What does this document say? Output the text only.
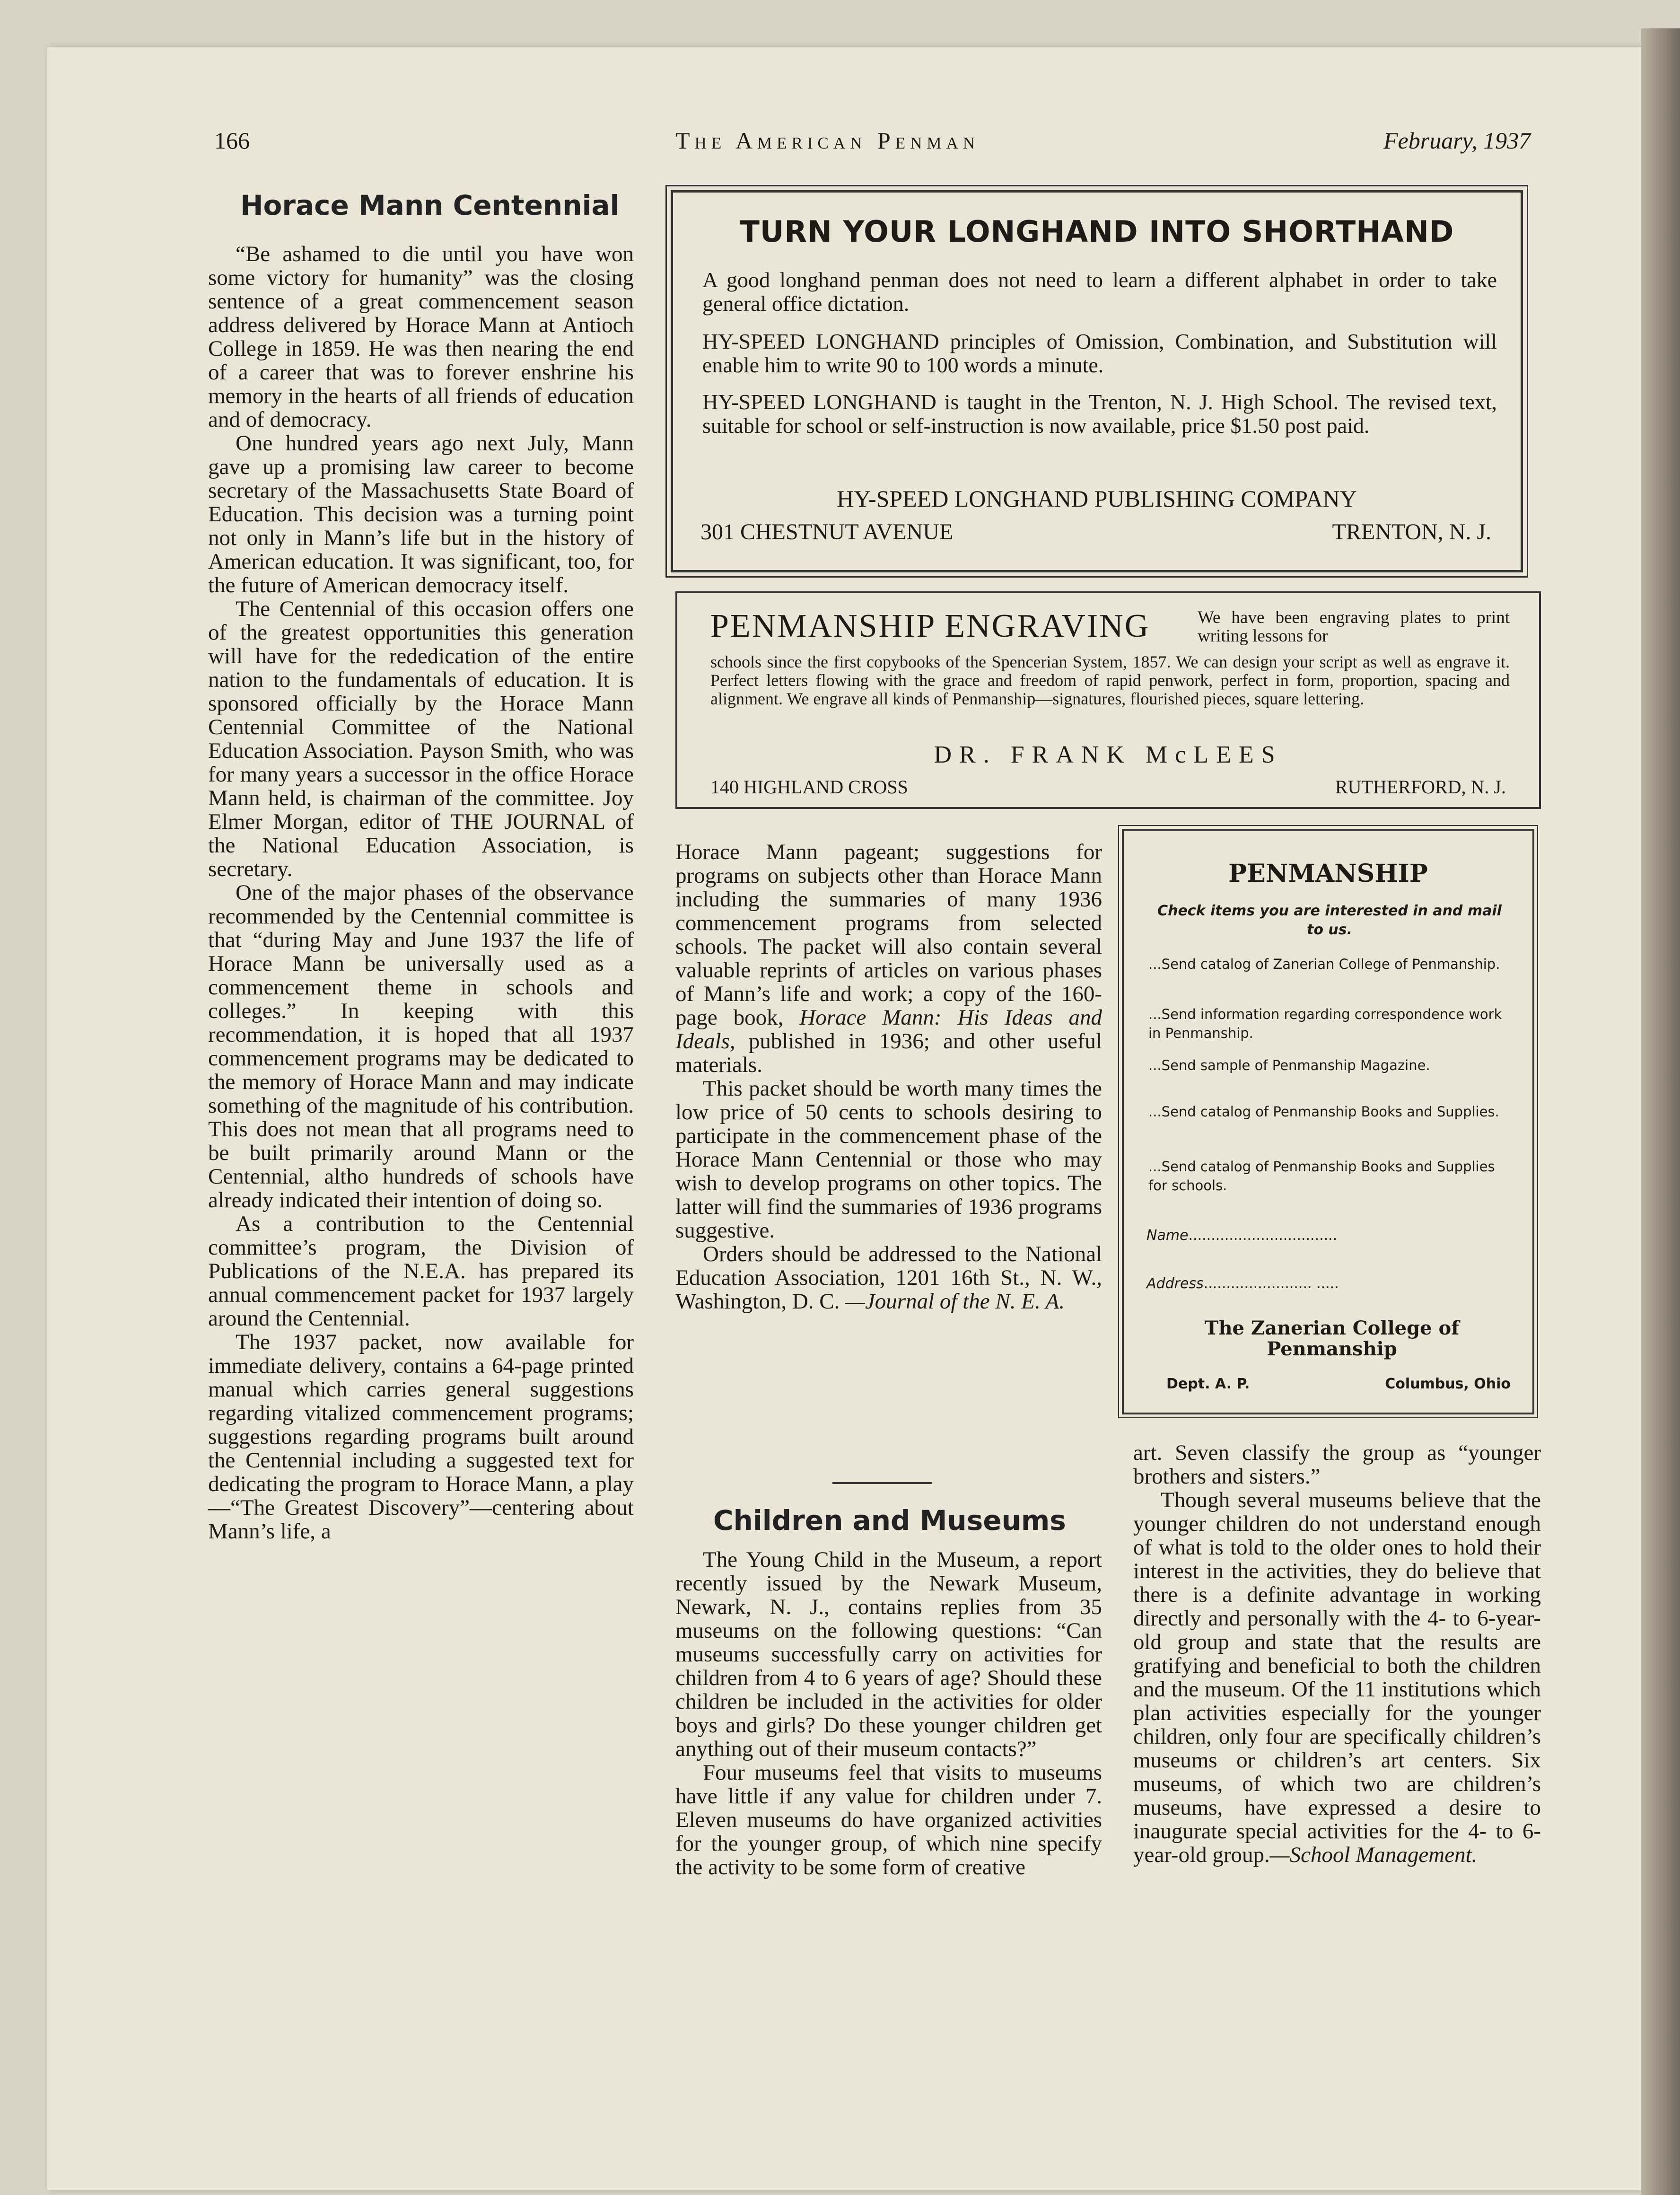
166	The American Penman	February, 1937
Horace Mann Centennial

“Be ashamed to die until you have won some victory for humanity” was the closing sentence of a great commencement season address delivered by Horace Mann at Antioch College in 1859. He was then nearing the end of a career that was to forever enshrine his memory in the hearts of all friends of education and of democracy.

One hundred years ago next July, Mann gave up a promising law career to become secretary of the Massachusetts State Board of Education. This decision was a turning point not only in Mann’s life but in the history of American education. It was significant, too, for the future of American democracy itself.

The Centennial of this occasion offers one of the greatest opportunities this generation will have for the rededication of the entire nation to the fundamentals of education. It is sponsored officially by the Horace Mann Centennial Committee of the National Education Association. Payson Smith, who was for many years a successor in the office Horace Mann held, is chairman of the committee. Joy Elmer Morgan, editor of THE JOURNAL of the National Education Association, is secretary.

One of the major phases of the observance recommended by the Centennial committee is that “during May and June 1937 the life of Horace Mann be universally used as a commencement theme in schools and colleges.” In keeping with this recommendation, it is hoped that all 1937 commencement programs may be dedicated to the memory of Horace Mann and may indicate something of the magnitude of his contribution. This does not mean that all programs need to be built primarily around Mann or the Centennial, altho hundreds of schools have already indicated their intention of doing so.

As a contribution to the Centennial committee’s program, the Division of Publications of the N.E.A. has prepared its annual commencement packet for 1937 largely around the Centennial.

The 1937 packet, now available for immediate delivery, contains a 64-page printed manual which carries general suggestions regarding vitalized commencement programs; suggestions regarding programs built around the Centennial including a suggested text for dedicating the program to Horace Mann, a play—“The Greatest Discovery”—centering about Mann’s life, a

TURN YOUR LONGHAND INTO SHORTHAND

A good longhand penman does not need to learn a different alphabet in order to take general office dictation.

HY-SPEED LONGHAND principles of Omission, Combination, and Substitution will enable him to write 90 to 100 words a minute.

HY-SPEED LONGHAND is taught in the Trenton, N. J. High School. The revised text, suitable for school or self-instruction is now available, price $1.50 post paid.

HY-SPEED LONGHAND PUBLISHING COMPANY
301 CHESTNUT AVENUE	TRENTON, N. J.
PENMANSHIP ENGRAVING	We have been engraving plates to print writing lessons for

schools since the first copybooks of the Spencerian System, 1857. We can design your script as well as engrave it. Perfect letters flowing with the grace and freedom of rapid penwork, perfect in form, proportion, spacing and alignment. We engrave all kinds of Penmanship—signatures, flourished pieces, square lettering.

DR. FRANK McLEES
140 HIGHLAND CROSS	RUTHERFORD, N. J.

Horace Mann pageant; suggestions for programs on subjects other than Horace Mann including the summaries of many 1936 commencement programs from selected schools. The packet will also contain several valuable reprints of articles on various phases of Mann’s life and work; a copy of the 160-page book, Horace Mann: His Ideas and Ideals, published in 1936; and other useful materials.

This packet should be worth many times the low price of 50 cents to schools desiring to participate in the commencement phase of the Horace Mann Centennial or those who may wish to develop programs on other topics. The latter will find the summaries of 1936 programs suggestive.

Orders should be addressed to the National Education Association, 1201 16th St., N. W., Washington, D. C. —Journal of the N. E. A.

Children and Museums

The Young Child in the Museum, a report recently issued by the Newark Museum, Newark, N. J., contains replies from 35 museums on the following questions: “Can museums successfully carry on activities for children from 4 to 6 years of age? Should these children be included in the activities for older boys and girls? Do these younger children get anything out of their museum contacts?”

Four museums feel that visits to museums have little if any value for children under 7. Eleven museums do have organized activities for the younger group, of which nine specify the activity to be some form of creative

PENMANSHIP
Check items you are interested in and mail to us.

...Send catalog of Zanerian College of Penmanship.

...Send information regarding correspondence work in Penmanship.

...Send sample of Penmanship Magazine.

...Send catalog of Penmanship Books and Supplies.

...Send catalog of Penmanship Books and Supplies for schools.

Name.................................
Address........................ .....
The Zanerian College of Penmanship
Dept. A. P.	Columbus, Ohio

art. Seven classify the group as “younger brothers and sisters.”

Though several museums believe that the younger children do not understand enough of what is told to the older ones to hold their interest in the activities, they do believe that there is a definite advantage in working directly and personally with the 4- to 6-year-old group and state that the results are gratifying and beneficial to both the children and the museum. Of the 11 institutions which plan activities especially for the younger children, only four are specifically children’s museums or children’s art centers. Six museums, of which two are children’s museums, have expressed a desire to inaugurate special activities for the 4- to 6-year-old group.—School Management.
